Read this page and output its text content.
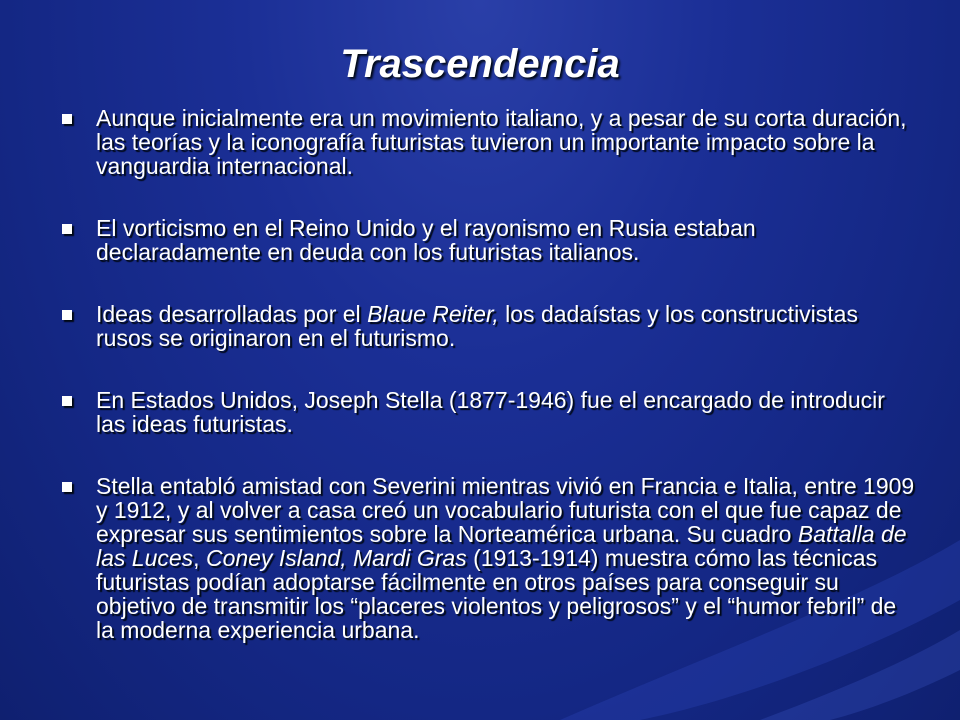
Trascendencia
Aunque inicialmente era un movimiento italiano, y a pesar de su corta duración, las teorías y la iconografía futuristas tuvieron un importante impacto sobre la vanguardia internacional.
El vorticismo en el Reino Unido y el rayonismo en Rusia estaban declaradamente en deuda con los futuristas italianos.
Ideas desarrolladas por el Blaue Reiter, los dadaístas y los constructivistas rusos se originaron en el futurismo.
En Estados Unidos, Joseph Stella (1877-1946) fue el encargado de introducir las ideas futuristas.
Stella entabló amistad con Severini mientras vivió en Francia e Italia, entre 1909 y 1912, y al volver a casa creó un vocabulario futurista con el que fue capaz de expresar sus sentimientos sobre la Norteamérica urbana. Su cuadro Battalla de las Luces, Coney Island, Mardi Gras (1913-1914) muestra cómo las técnicas futuristas podían adoptarse fácilmente en otros países para conseguir su objetivo de transmitir los “placeres violentos y peligrosos” y el “humor febril” de la moderna experiencia urbana.
